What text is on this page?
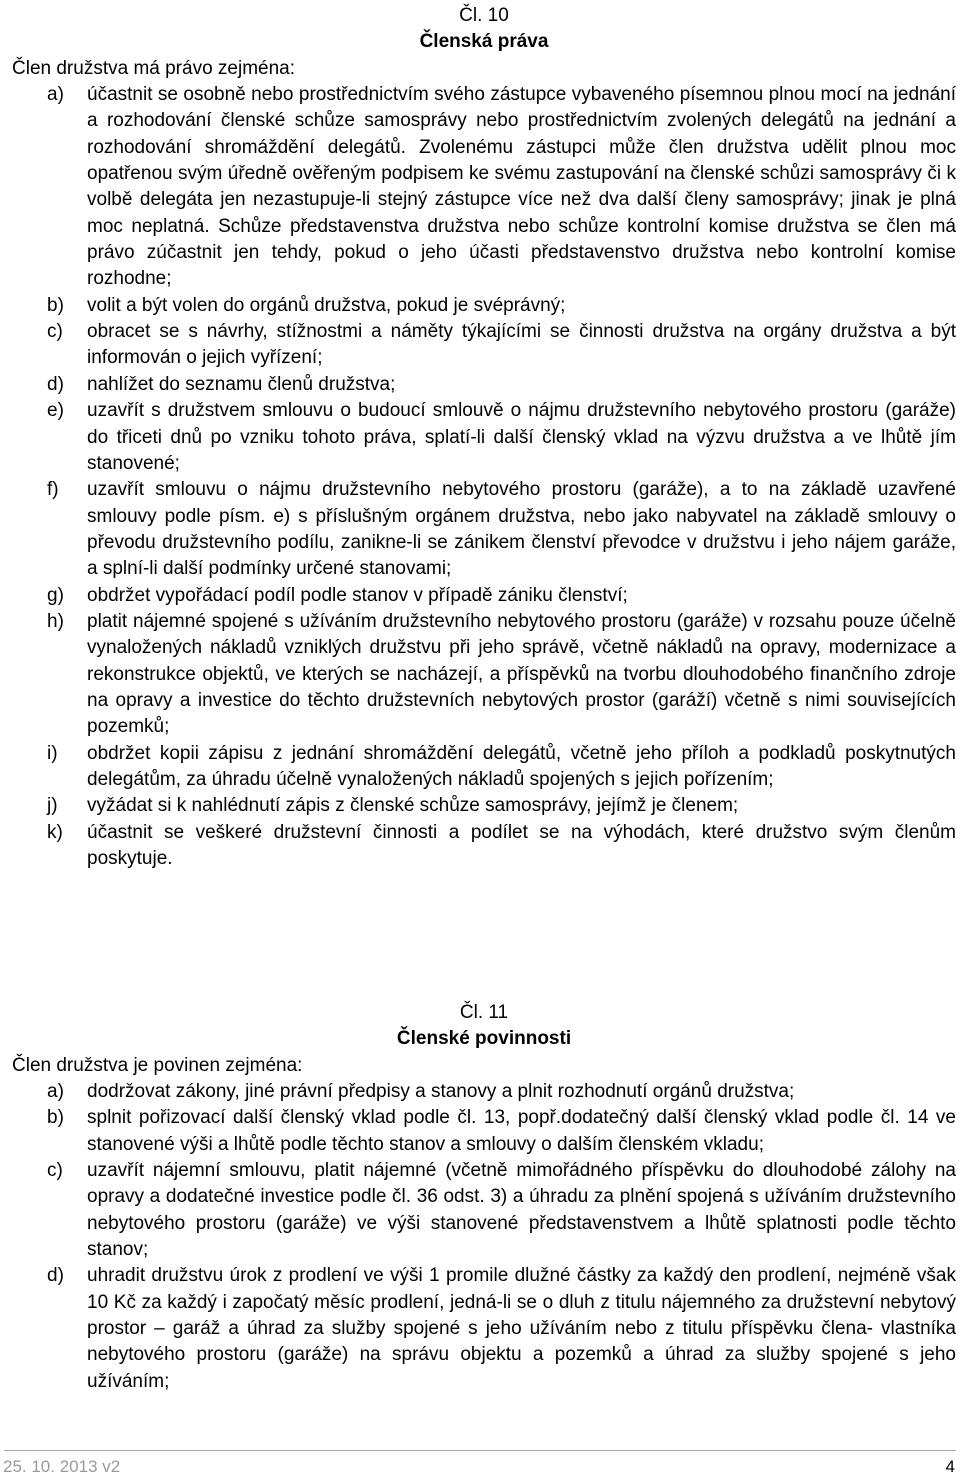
Čl. 10
Členská práva

Člen družstva má právo zejména:

a) účastnit se osobně nebo prostřednictvím svého zástupce vybaveného písemnou plnou mocí na jednání a rozhodování členské schůze samosprávy nebo prostřednictvím zvolených delegátů na jednání a rozhodování shromáždění delegátů. Zvolenému zástupci může člen družstva udělit plnou moc opatřenou svým úředně ověřeným podpisem ke svému zastupování na členské schůzi samosprávy či k volbě delegáta jen nezastupuje-li stejný zástupce více než dva další členy samosprávy; jinak je plná moc neplatná. Schůze představenstva družstva nebo schůze kontrolní komise družstva se člen má právo zúčastnit jen tehdy, pokud o jeho účasti představenstvo družstva nebo kontrolní komise rozhodne;
b) volit a být volen do orgánů družstva, pokud je svéprávný;
c) obracet se s návrhy, stížnostmi a náměty týkajícími se činnosti družstva na orgány družstva a být informován o jejich vyřízení;
d) nahlížet do seznamu členů družstva;
e) uzavřít s družstvem smlouvu o budoucí smlouvě o nájmu družstevního nebytového prostoru (garáže) do třiceti dnů po vzniku tohoto práva, splatí-li další členský vklad na výzvu družstva a ve lhůtě jím stanovené;
f) uzavřít smlouvu o nájmu družstevního nebytového prostoru (garáže), a to na základě uzavřené smlouvy podle písm. e) s příslušným orgánem družstva, nebo jako nabyvatel na základě smlouvy o převodu družstevního podílu, zanikne-li se zánikem členství převodce v družstvu i jeho nájem garáže, a splní-li další podmínky určené stanovami;
g) obdržet vypořádací podíl podle stanov v případě zániku členství;
h) platit nájemné spojené s užíváním družstevního nebytového prostoru (garáže) v rozsahu pouze účelně vynaložených nákladů vzniklých družstvu při jeho správě, včetně nákladů na opravy, modernizace a rekonstrukce objektů, ve kterých se nacházejí, a příspěvků na tvorbu dlouhodobého finančního zdroje na opravy a investice do těchto družstevních nebytových prostor (garáží) včetně s nimi souvisejících pozemků;
i) obdržet kopii zápisu z jednání shromáždění delegátů, včetně jeho příloh a podkladů poskytnutých delegátům, za úhradu účelně vynaložených nákladů spojených s jejich pořízením;
j) vyžádat si k nahlédnutí zápis z členské schůze samosprávy, jejímž je členem;
k) účastnit se veškeré družstevní činnosti a podílet se na výhodách, které družstvo svým členům poskytuje.
Čl. 11
Členské povinnosti

Člen družstva je povinen zejména:

a) dodržovat zákony, jiné právní předpisy a stanovy a plnit rozhodnutí orgánů družstva;
b) splnit pořizovací další členský vklad podle čl. 13, popř.dodatečný další členský vklad podle čl. 14 ve stanovené výši a lhůtě podle těchto stanov a smlouvy o dalším členském vkladu;
c) uzavřít nájemní smlouvu, platit nájemné (včetně mimořádného příspěvku do dlouhodobé zálohy na opravy a dodatečné investice podle čl. 36 odst. 3) a úhradu za plnění spojená s užíváním družstevního nebytového prostoru (garáže) ve výši stanovené představenstvem a lhůtě splatnosti podle těchto stanov;
d) uhradit družstvu úrok z prodlení ve výši 1 promile dlužné částky za každý den prodlení, nejméně však 10 Kč za každý i započatý měsíc prodlení, jedná-li se o dluh z titulu nájemného za družstevní nebytový prostor – garáž a úhrad za služby spojené s jeho užíváním nebo z titulu příspěvku člena- vlastníka nebytového prostoru (garáže) na správu objektu a pozemků a úhrad za služby spojené s jeho užíváním;
25. 10. 2013 v2	4
